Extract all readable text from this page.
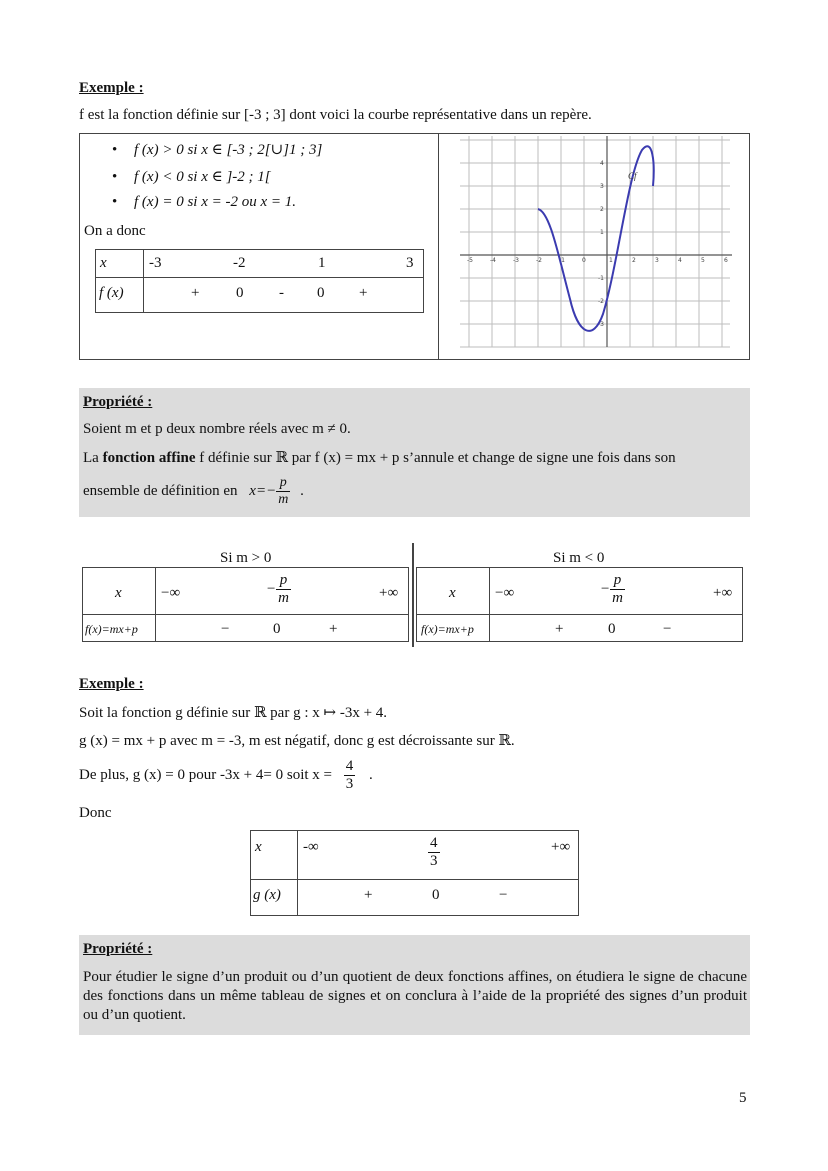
Exemple :
f est la fonction définie sur [-3 ; 3] dont voici la courbe représentative dans un repère.
• f (x) > 0 si x ∈ [-3 ; 2[∪]1 ; 3]
• f (x) < 0 si x ∈ ]-2 ; 1[
• f (x) = 0 si x = -2 ou x = 1.
On a donc
x	-3	-2	1	3
f (x)	+ 0 - 0 +
-5	-4	-3	-2	-1	0	1	2	3	4	5	6
4
3
2
1
-1
-2
-3
Cf
Propriété :
Soient m et p deux nombre réels avec m ≠ 0.
La fonction affine f définie sur ℝ par f (x) = mx + p s’annule et change de signe une fois dans son
ensemble de définition en $x=- \frac{p}{m}$ .
Si m > 0	Si m < 0
x	−∞	− $\frac{p}{m}$	+∞
f(x)=mx+p	−	0	+
x	−∞	− $\frac{p}{m}$	+∞
f(x)=mx+p	+	0	−
Exemple :
Soit la fonction g définie sur ℝ par g : x ↦ -3x + 4.
g (x) = mx + p avec m = -3, m est négatif, donc g est décroissante sur ℝ.
De plus, g (x) = 0 pour -3x + 4= 0 soit $x = \frac{4}{3}$ .
Donc
x	-∞	$\frac{4}{3}$	+∞
g (x)	+	0	−
Propriété :
Pour étudier le signe d’un produit ou d’un quotient de deux fonctions affines, on étudiera le signe de chacune des fonctions dans un même tableau de signes et on conclura à l’aide de la propriété des signes d’un produit ou d’un quotient.
5
